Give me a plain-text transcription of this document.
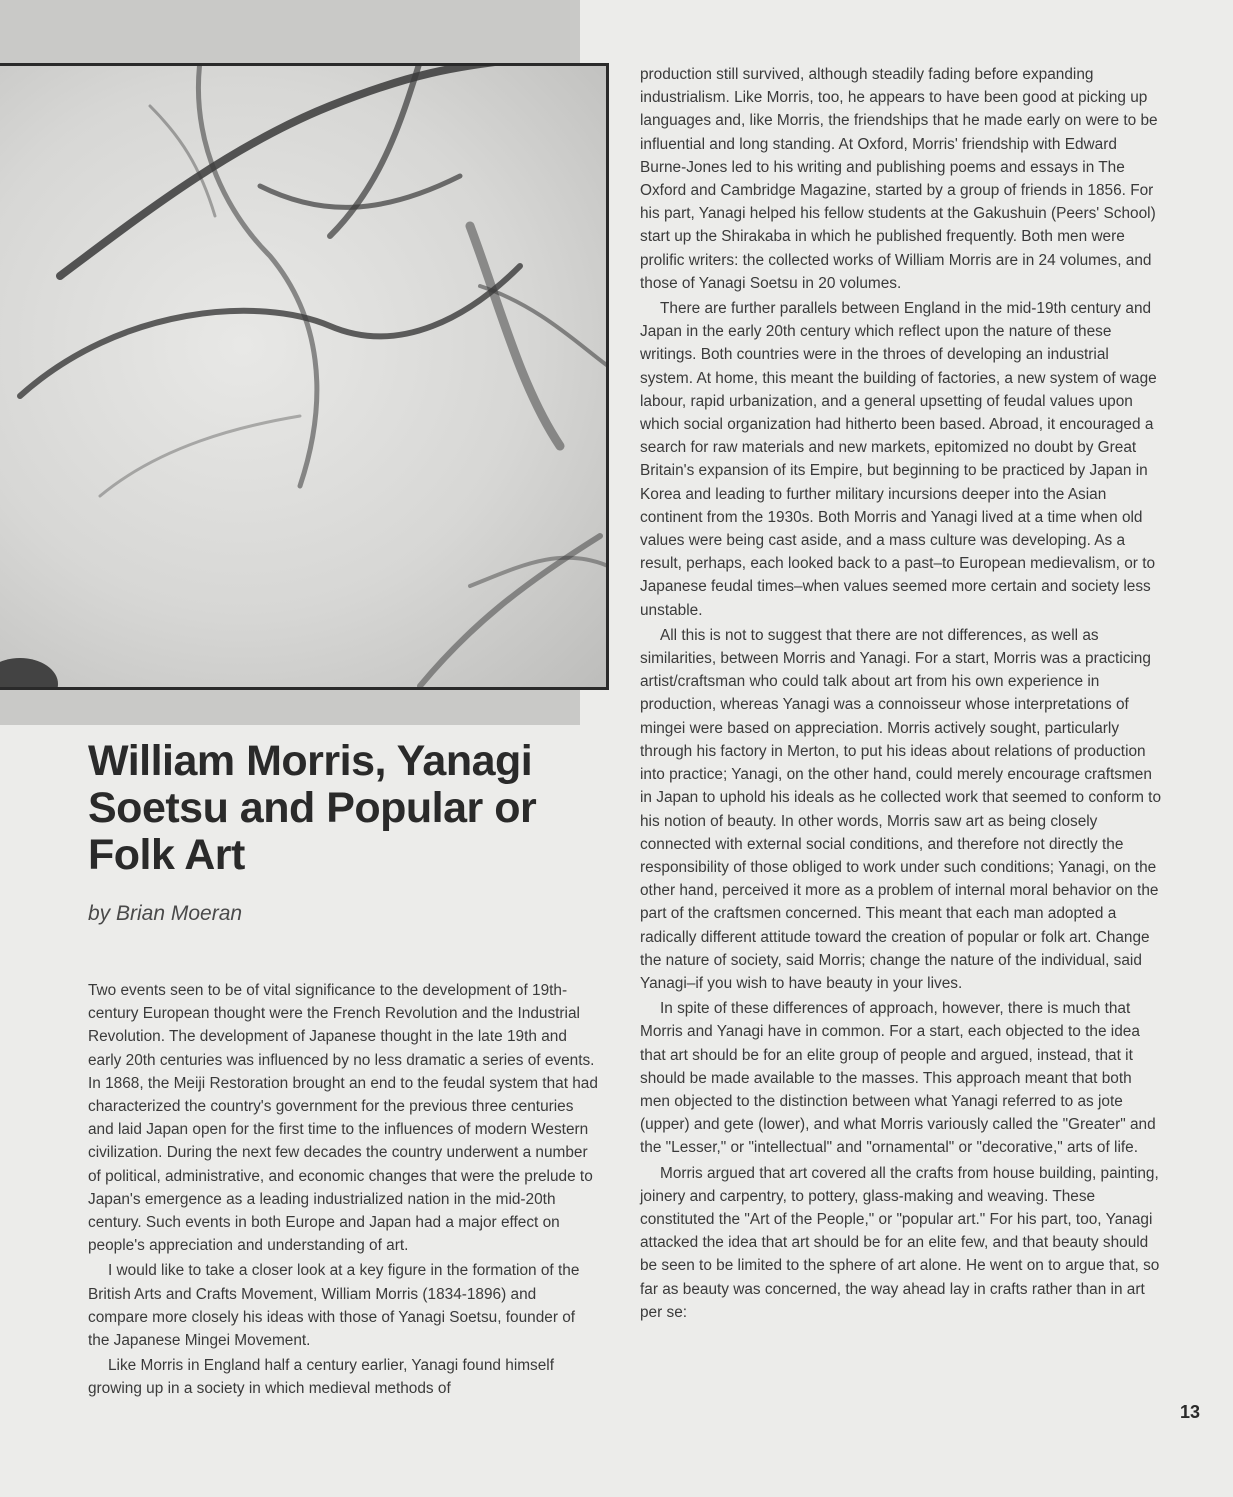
William Morris, Yanagi Soetsu and Popular or Folk Art

by Brian Moeran

Two events seen to be of vital significance to the development of 19th-century European thought were the French Revolution and the Industrial Revolution. The development of Japanese thought in the late 19th and early 20th centuries was influenced by no less dramatic a series of events. In 1868, the Meiji Restoration brought an end to the feudal system that had characterized the country's government for the previous three centuries and laid Japan open for the first time to the influences of modern Western civilization. During the next few decades the country underwent a number of political, administrative, and economic changes that were the prelude to Japan's emergence as a leading industrialized nation in the mid-20th century. Such events in both Europe and Japan had a major effect on people's appreciation and understanding of art.

I would like to take a closer look at a key figure in the formation of the British Arts and Crafts Movement, William Morris (1834-1896) and compare more closely his ideas with those of Yanagi Soetsu, founder of the Japanese Mingei Movement.

Like Morris in England half a century earlier, Yanagi found himself growing up in a society in which medieval methods of

production still survived, although steadily fading before expanding industrialism. Like Morris, too, he appears to have been good at picking up languages and, like Morris, the friendships that he made early on were to be influential and long standing. At Oxford, Morris' friendship with Edward Burne-Jones led to his writing and publishing poems and essays in The Oxford and Cambridge Magazine, started by a group of friends in 1856. For his part, Yanagi helped his fellow students at the Gakushuin (Peers' School) start up the Shirakaba in which he published frequently. Both men were prolific writers: the collected works of William Morris are in 24 volumes, and those of Yanagi Soetsu in 20 volumes.

There are further parallels between England in the mid-19th century and Japan in the early 20th century which reflect upon the nature of these writings. Both countries were in the throes of developing an industrial system. At home, this meant the building of factories, a new system of wage labour, rapid urbanization, and a general upsetting of feudal values upon which social organization had hitherto been based. Abroad, it encouraged a search for raw materials and new markets, epitomized no doubt by Great Britain's expansion of its Empire, but beginning to be practiced by Japan in Korea and leading to further military incursions deeper into the Asian continent from the 1930s. Both Morris and Yanagi lived at a time when old values were being cast aside, and a mass culture was developing. As a result, perhaps, each looked back to a past–to European medievalism, or to Japanese feudal times–when values seemed more certain and society less unstable.

All this is not to suggest that there are not differences, as well as similarities, between Morris and Yanagi. For a start, Morris was a practicing artist/craftsman who could talk about art from his own experience in production, whereas Yanagi was a connoisseur whose interpretations of mingei were based on appreciation. Morris actively sought, particularly through his factory in Merton, to put his ideas about relations of production into practice; Yanagi, on the other hand, could merely encourage craftsmen in Japan to uphold his ideals as he collected work that seemed to conform to his notion of beauty. In other words, Morris saw art as being closely connected with external social conditions, and therefore not directly the responsibility of those obliged to work under such conditions; Yanagi, on the other hand, perceived it more as a problem of internal moral behavior on the part of the craftsmen concerned. This meant that each man adopted a radically different attitude toward the creation of popular or folk art. Change the nature of society, said Morris; change the nature of the individual, said Yanagi–if you wish to have beauty in your lives.

In spite of these differences of approach, however, there is much that Morris and Yanagi have in common. For a start, each objected to the idea that art should be for an elite group of people and argued, instead, that it should be made available to the masses. This approach meant that both men objected to the distinction between what Yanagi referred to as jote (upper) and gete (lower), and what Morris variously called the "Greater" and the "Lesser," or "intellectual" and "ornamental" or "decorative," arts of life.

Morris argued that art covered all the crafts from house building, painting, joinery and carpentry, to pottery, glass-making and weaving. These constituted the "Art of the People," or "popular art." For his part, too, Yanagi attacked the idea that art should be for an elite few, and that beauty should be seen to be limited to the sphere of art alone. He went on to argue that, so far as beauty was concerned, the way ahead lay in crafts rather than in art per se:

13
